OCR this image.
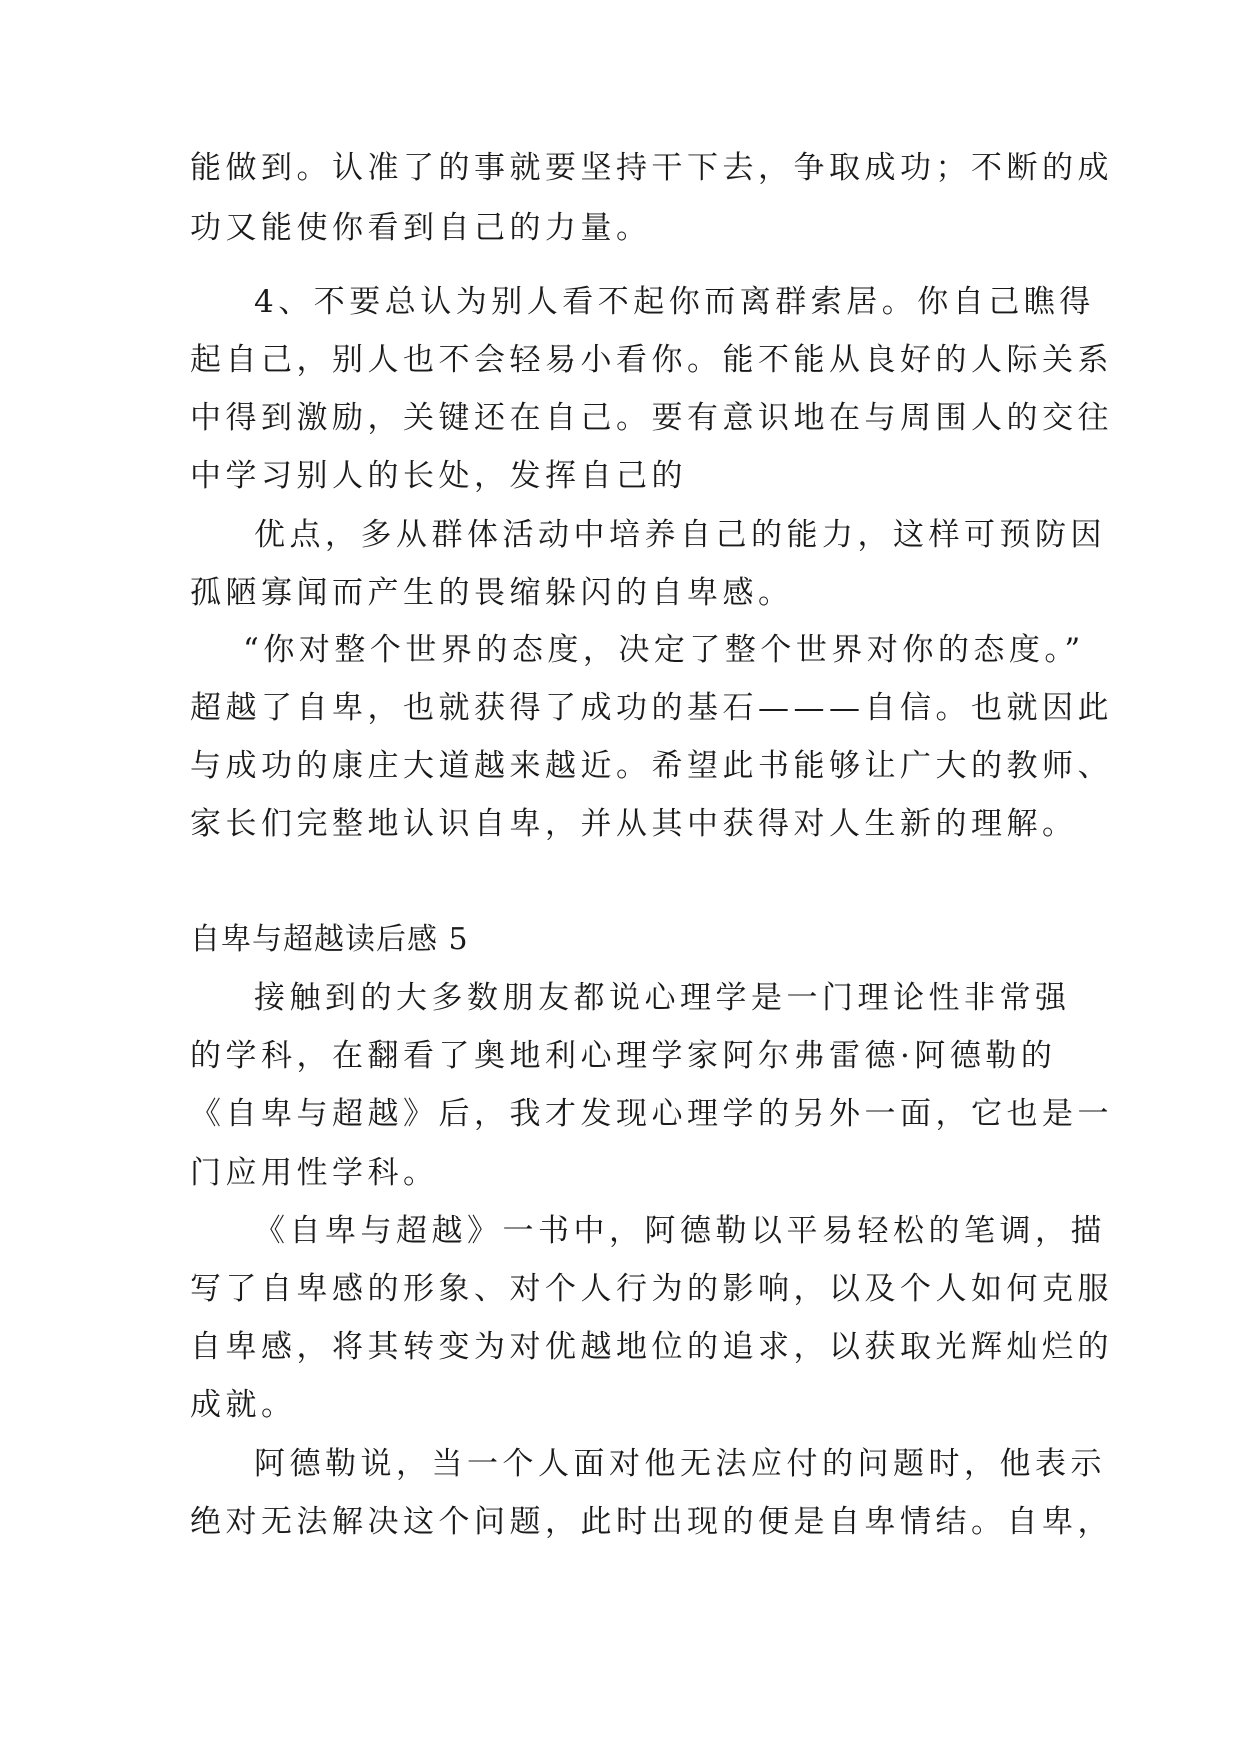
能做到。认准了的事就要坚持干下去，争取成功；不断的成
功又能使你看到自己的力量。
4、不要总认为别人看不起你而离群索居。你自己瞧得
起自己，别人也不会轻易小看你。能不能从良好的人际关系
中得到激励，关键还在自己。要有意识地在与周围人的交往
中学习别人的长处，发挥自己的
优点，多从群体活动中培养自己的能力，这样可预防因
孤陋寡闻而产生的畏缩躲闪的自卑感。
“你对整个世界的态度，决定了整个世界对你的态度。”
超越了自卑，也就获得了成功的基石———自信。也就因此
与成功的康庄大道越来越近。希望此书能够让广大的教师、
家长们完整地认识自卑，并从其中获得对人生新的理解。
自卑与超越读后感 5
接触到的大多数朋友都说心理学是一门理论性非常强
的学科，在翻看了奥地利心理学家阿尔弗雷德·阿德勒的
《自卑与超越》后，我才发现心理学的另外一面，它也是一
门应用性学科。
《自卑与超越》一书中，阿德勒以平易轻松的笔调，描
写了自卑感的形象、对个人行为的影响，以及个人如何克服
自卑感，将其转变为对优越地位的追求，以获取光辉灿烂的
成就。
阿德勒说，当一个人面对他无法应付的问题时，他表示
绝对无法解决这个问题，此时出现的便是自卑情结。自卑，
